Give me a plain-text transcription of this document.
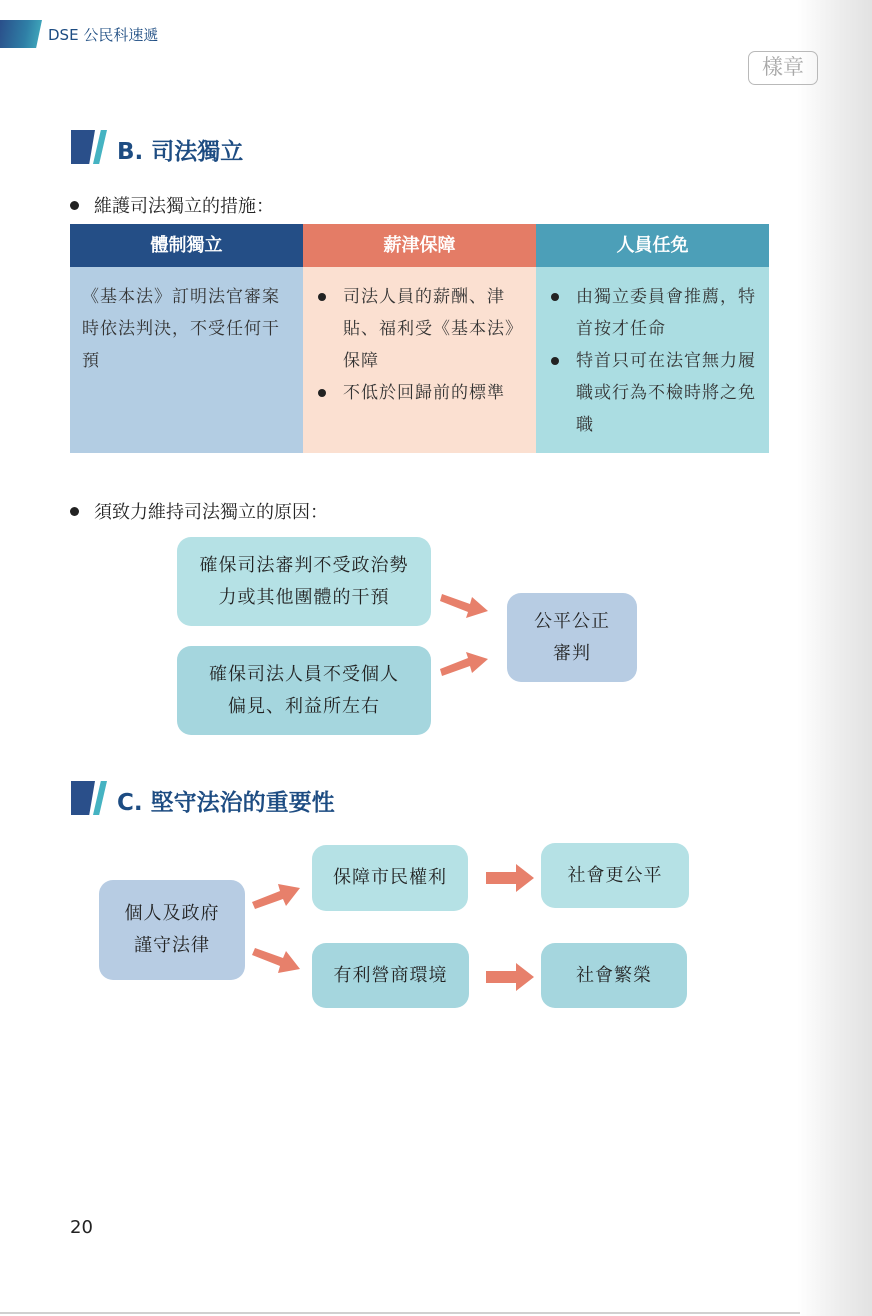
DSE 公民科速遞
樣章
B. 司法獨立
維護司法獨立的措施：
體制獨立
《基本法》訂明法官審案時依法判決，不受任何干預
薪津保障
司法人員的薪酬、津貼、福利受《基本法》保障
不低於回歸前的標準
人員任免
由獨立委員會推薦，特首按才任命
特首只可在法官無力履職或行為不檢時將之免職
須致力維持司法獨立的原因：
確保司法審判不受政治勢力或其他團體的干預
確保司法人員不受個人偏見、利益所左右
公平公正審判
C. 堅守法治的重要性
個人及政府謹守法律
保障市民權利
有利營商環境
社會更公平
社會繁榮
20
